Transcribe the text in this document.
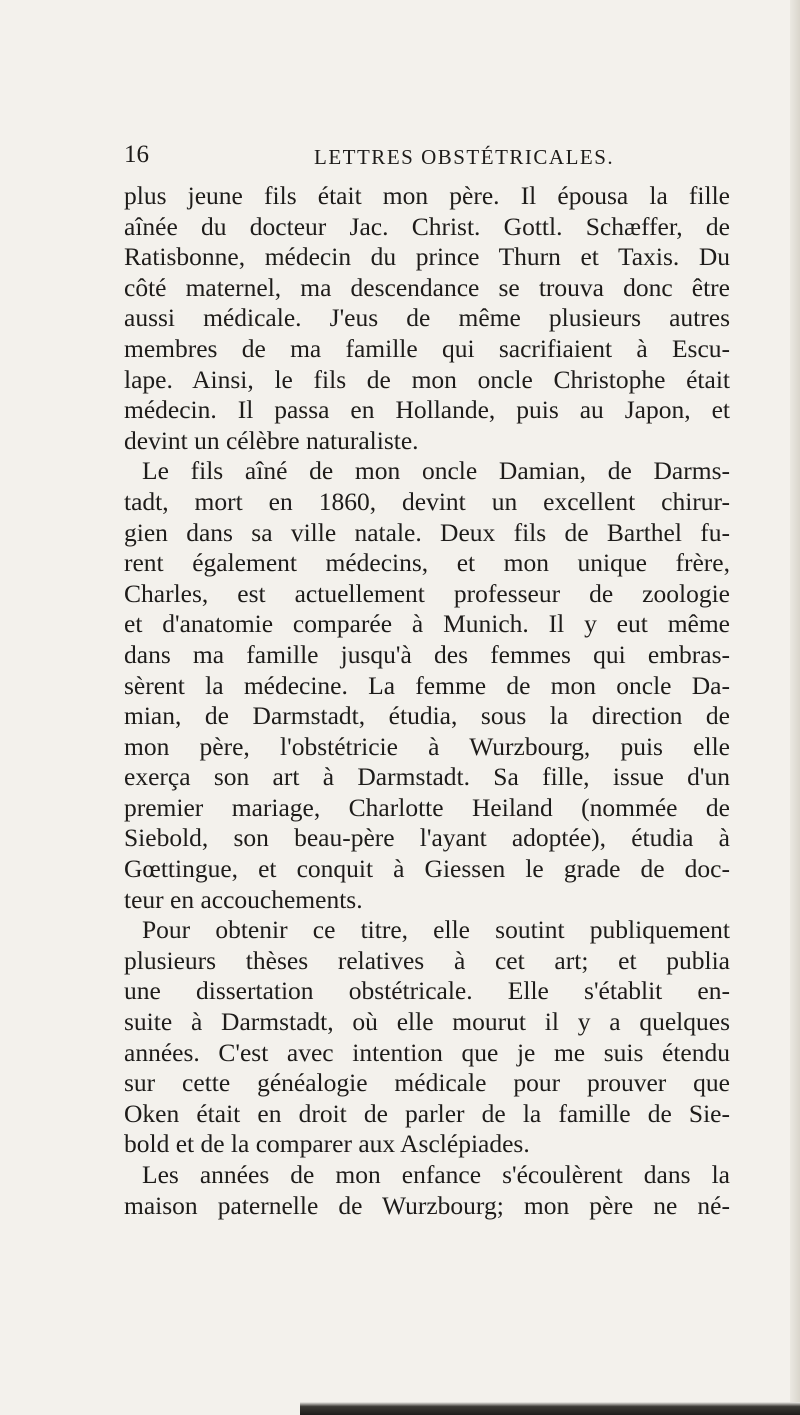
16	LETTRES OBSTÉTRICALES.
plus jeune fils était mon père. Il épousa la fille
aînée du docteur Jac. Christ. Gottl. Schæffer, de
Ratisbonne, médecin du prince Thurn et Taxis. Du
côté maternel, ma descendance se trouva donc être
aussi médicale. J'eus de même plusieurs autres
membres de ma famille qui sacrifiaient à Escu-
lape. Ainsi, le fils de mon oncle Christophe était
médecin. Il passa en Hollande, puis au Japon, et
devint un célèbre naturaliste.
Le fils aîné de mon oncle Damian, de Darms-
tadt, mort en 1860, devint un excellent chirur-
gien dans sa ville natale. Deux fils de Barthel fu-
rent également médecins, et mon unique frère,
Charles, est actuellement professeur de zoologie
et d'anatomie comparée à Munich. Il y eut même
dans ma famille jusqu'à des femmes qui embras-
sèrent la médecine. La femme de mon oncle Da-
mian, de Darmstadt, étudia, sous la direction de
mon père, l'obstétricie à Wurzbourg, puis elle
exerça son art à Darmstadt. Sa fille, issue d'un
premier mariage, Charlotte Heiland (nommée de
Siebold, son beau-père l'ayant adoptée), étudia à
Gœttingue, et conquit à Giessen le grade de doc-
teur en accouchements.
Pour obtenir ce titre, elle soutint publiquement
plusieurs thèses relatives à cet art; et publia
une dissertation obstétricale. Elle s'établit en-
suite à Darmstadt, où elle mourut il y a quelques
années. C'est avec intention que je me suis étendu
sur cette généalogie médicale pour prouver que
Oken était en droit de parler de la famille de Sie-
bold et de la comparer aux Asclépiades.
Les années de mon enfance s'écoulèrent dans la
maison paternelle de Wurzbourg; mon père ne né-
